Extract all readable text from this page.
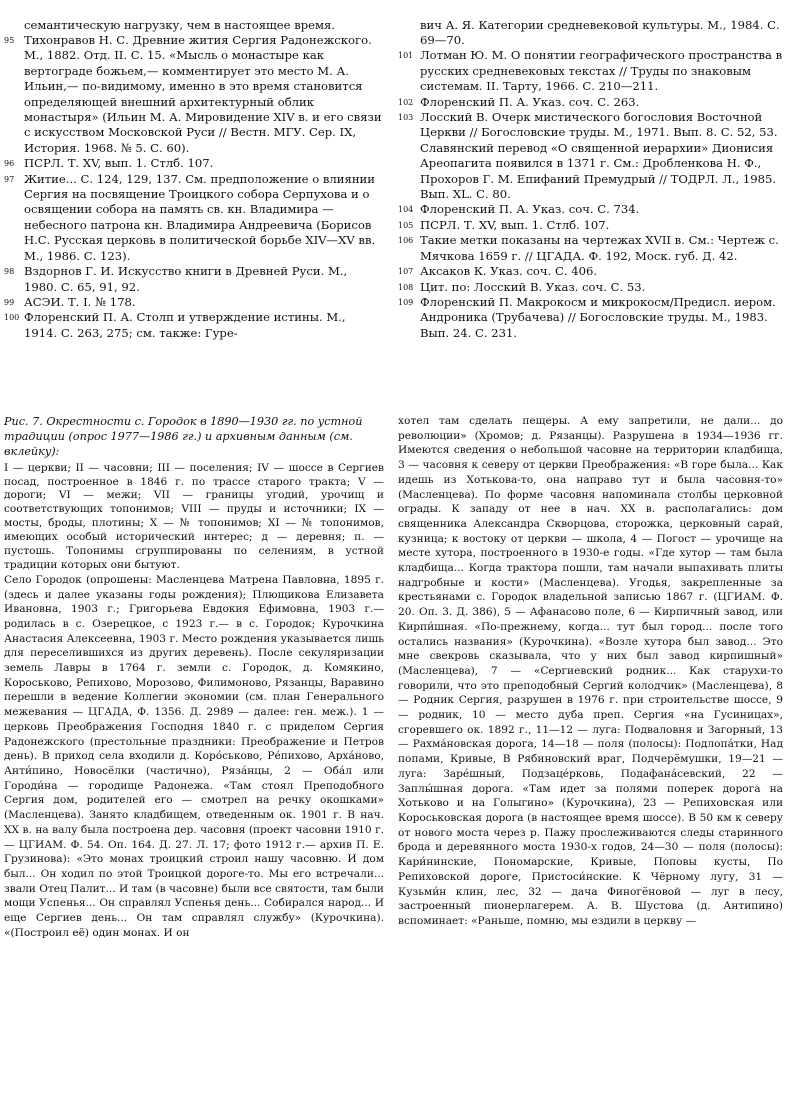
семантическую нагрузку, чем в настоящее время.

95 Тихонравов Н. С. Древние жития Сергия Радонежского. М., 1882. Отд. II. С. 15. «Мысль о монастыре как вертограде божьем,— комментирует это место М. А. Ильин,— по-видимому, именно в это время становится определяющей внешний архитектурный облик монастыря» (Ильин М. А. Мировидение XIV в. и его связи с искусством Московской Руси // Вестн. МГУ. Сер. IX, История. 1968. № 5. С. 60).
96 ПСРЛ. Т. XV, вып. 1. Стлб. 107.
97 Житие... С. 124, 129, 137. См. предположение о влиянии Сергия на посвящение Троицкого собора Серпухова и о освящении собора на память св. кн. Владимира — небесного патрона кн. Владимира Андреевича (Борисов Н.С. Русская церковь в политической борьбе XIV—XV вв. М., 1986. С. 123).
98 Вздорнов Г. И. Искусство книги в Древней Руси. М., 1980. С. 65, 91, 92.
99 АСЭИ. Т. I. № 178.
100 Флоренский П. А. Столп и утверждение истины. М., 1914. С. 263, 275; см. также: Гуре-

вич А. Я. Категории средневековой культуры. М., 1984. С. 69—70.

101 Лотман Ю. М. О понятии географического пространства в русских средневековых текстах // Труды по знаковым системам. II. Тарту, 1966. С. 210—211.
102 Флоренский П. А. Указ. соч. С. 263.
103 Лосский В. Очерк мистического богословия Восточной Церкви // Богословские труды. М., 1971. Вып. 8. С. 52, 53. Славянский перевод «О священной иерархии» Дионисия Ареопагита появился в 1371 г. См.: Дробленкова Н. Ф., Прохоров Г. М. Епифаний Премудрый // ТОДРЛ. Л., 1985. Вып. XL. С. 80.
104 Флоренский П. А. Указ. соч. С. 734.
105 ПСРЛ. Т. XV, вып. 1. Стлб. 107.
106 Такие метки показаны на чертежах XVII в. См.: Чертеж с. Мячкова 1659 г. // ЦГАДА. Ф. 192, Моск. губ. Д. 42.
107 Аксаков К. Указ. соч. С. 406.
108 Цит. по: Лосский В. Указ. соч. С. 53.
109 Флоренский П. Макрокосм и микрокосм/Предисл. иером. Андроника (Трубачева) // Богословские труды. М., 1983. Вып. 24. С. 231.

Рис. 7. Окрестности с. Городок в 1890—1930 гг. по устной традиции (опрос 1977—1986 гг.) и архивным данным (см. вклейку):

I — церкви; II — часовни; III — поселения; IV — шоссе в Сергиев посад, построенное в 1846 г. по трассе старого тракта; V — дороги; VI — межи; VII — границы угодий, урочищ и соответствующих топонимов; VIII — пруды и источники; IX — мосты, броды, плотины; X — № топонимов; XI — № топонимов, имеющих особый исторический интерес; д — деревня; п. — пустошь. Топонимы сгруппированы по селениям, в устной традиции которых они бытуют.

Село Городок (опрошены: Масленцева Матрена Павловна, 1895 г. (здесь и далее указаны годы рождения); Плющикова Елизавета Ивановна, 1903 г.; Григорьева Евдокия Ефимовна, 1903 г.— родилась в с. Озерецкое, с 1923 г.— в с. Городок; Курочкина Анастасия Алексеевна, 1903 г. Место рождения указывается лишь для переселившихся из других деревень). После секуляризации земель Лавры в 1764 г. земли с. Городок, д. Комякино, Короськово, Репихово, Морозово, Филимоново, Рязанцы, Варавино перешли в ведение Коллегии экономии (см. план Генерального межевания — ЦГАДА, Ф. 1356. Д. 2989 — далее: ген. меж.). 1 — церковь Преображения Господня 1840 г. с приделом Сергия Радонежского (престольные праздники: Преображение и Петров день). В приход села входили д. Коро́ськово, Ре́пихово, Арха́ново, Анти́пино, Новосёлки (частично), Ряза́нцы, 2 — Оба́л или Городи́на — городище Радонежа. «Там стоял Преподобного Сергия дом, родителей его — смотрел на речку окошками» (Масленцева). Занято кладбищем, отведенным ок. 1901 г. В нач. XX в. на валу была построена дер. часовня (проект часовни 1910 г.— ЦГИАМ. Ф. 54. Оп. 164. Д. 27. Л. 17; фото 1912 г.— архив П. Е. Грузинова): «Это монах троицкий строил нашу часовню. И дом был... Он ходил по этой Троицкой дороге-то. Мы его встречали... звали Отец Палит... И там (в часовне) были все святости, там были мощи Успенья... Он справлял Успенья день... Собирался народ... И еще Сергиев день... Он там справлял службу» (Курочкина). «(Построил её) один монах. И он

хотел там сделать пещеры. А ему запретили, не дали... до революции» (Хромов; д. Рязанцы). Разрушена в 1934—1936 гг. Имеются сведения о небольшой часовне на территории кладбища, 3 — часовня к северу от церкви Преображения: «В горе была... Как идешь из Хотькова-то, она направо тут и была часовня-то» (Масленцева). По форме часовня напоминала столбы церковной ограды. К западу от нее в нач. XX в. располагались: дом священника Александра Скворцова, сторожка, церковный сарай, кузница; к востоку от церкви — школа, 4 — Погост — урочище на месте хутора, построенного в 1930-е годы. «Где хутор — там была кладбища... Когда трактора пошли, там начали выпахивать плиты надгробные и кости» (Масленцева). Угодья, закрепленные за крестьянами с. Городок владельной записью 1867 г. (ЦГИАМ. Ф. 20. Оп. 3. Д. 386), 5 — Афанасово поле, 6 — Кирпичный завод, или Кирпи́шная. «По-прежнему, когда... тут был город... после того остались названия» (Курочкина). «Возле хутора был завод... Это мне свекровь сказывала, что у них был завод кирпишный» (Масленцева), 7 — «Сергиевский родник... Как старухи-то говорили, что это преподобный Сергий колодчик» (Масленцева), 8 — Родник Сергия, разрушен в 1976 г. при строительстве шоссе, 9 — родник, 10 — место дуба преп. Сергия «на Гусиницах», сгоревшего ок. 1892 г., 11—12 — луга: Подваловня и Загорный, 13 — Рахма́новская дорога, 14—18 — поля (полосы): Подлопа́тки, Над попами, Кривые, В Рябиновский враг, Подчерёмушки, 19—21 — луга: Заре́шный, Подзаце́рковь, Подафана́севский, 22 — Заплы́шная дорога. «Там идет за полями поперек дорога на Хотьково и на Голыгино» (Курочкина), 23 — Репиховская или Короськовская дорога (в настоящее время шоссе). В 50 км к северу от нового моста через р. Пажу прослеживаются следы старинного брода и деревянного моста 1930-х годов, 24—30 — поля (полосы): Кари́нинские, Пономарские, Кривые, Поповы кусты, По Репиховской дороге, Пристоси́нские. К Чёрному лугу, 31 — Кузьми́н клин, лес, 32 — дача Финогёновой — луг в лесу, застроенный пионерлагерем. А. В. Шустова (д. Антипино) вспоминает: «Раньше, помню, мы ездили в церкву —
